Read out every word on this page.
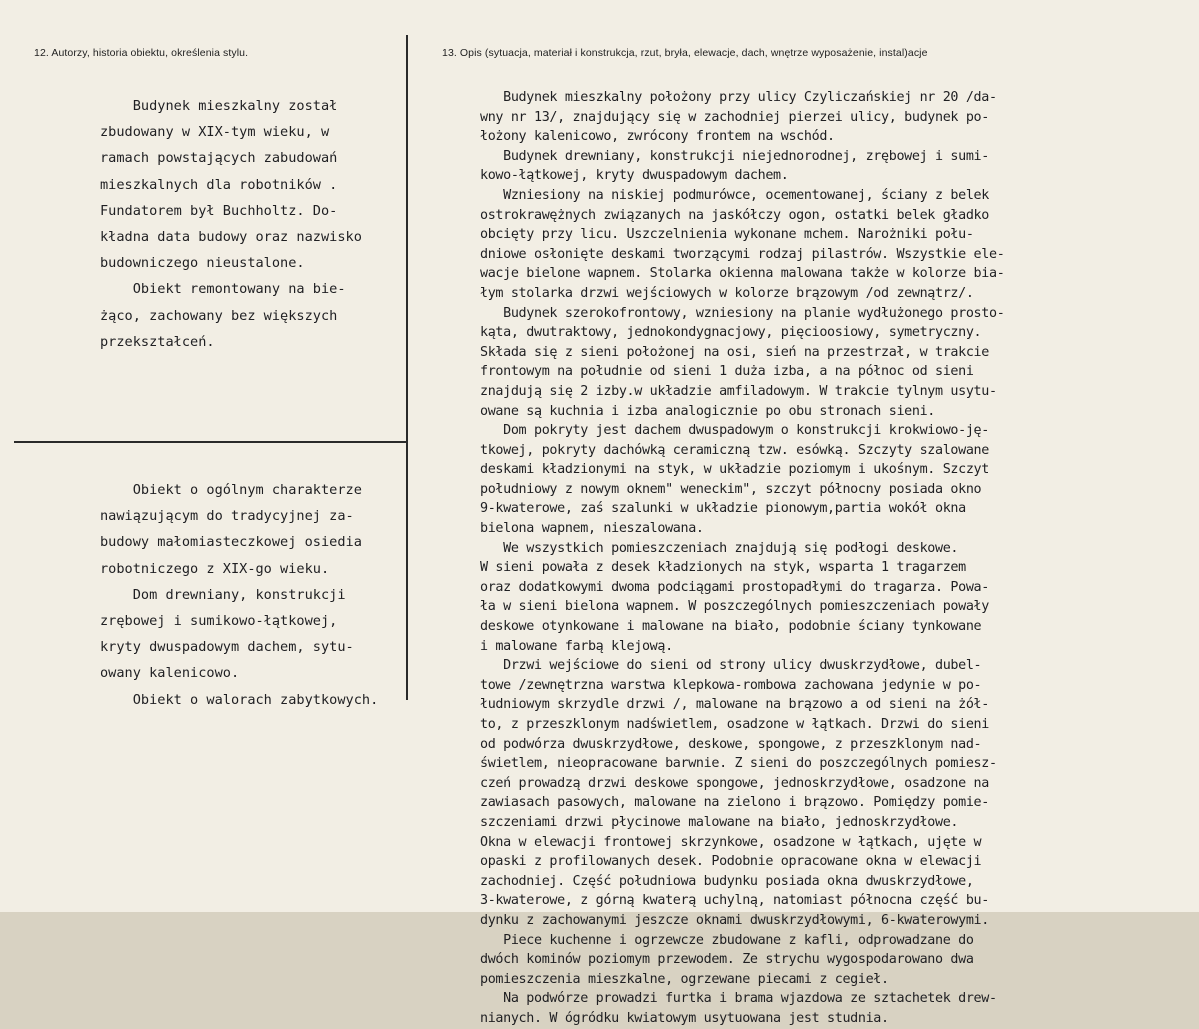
12. Autorzy, historia obiektu, określenia stylu.	13. Opis (sytuacja, materiał i konstrukcja, rzut, bryła, elewacje, dach, wnętrze wyposażenie, instal)acje
Budynek mieszkalny został
zbudowany w XIX-tym wieku, w
ramach powstających zabudowań
mieszkalnych dla robotników .
Fundatorem był Buchholtz. Do-
kładna data budowy oraz nazwisko
budowniczego nieustalone.
Obiekt remontowany na bie-
żąco, zachowany bez większych
przekształceń.
Obiekt o ogólnym charakterze
nawiązującym do tradycyjnej za-
budowy małomiasteczkowej osiedia
robotniczego z XIX-go wieku.
Dom drewniany, konstrukcji
zrębowej i sumikowo-łątkowej,
kryty dwuspadowym dachem, sytu-
owany kalenicowo.
Obiekt o walorach zabytkowych.
Budynek mieszkalny położony przy ulicy Czyliczańskiej nr 20 /da-
wny nr 13/, znajdujący się w zachodniej pierzei ulicy, budynek po-
łożony kalenicowo, zwrócony frontem na wschód.
Budynek drewniany, konstrukcji niejednorodnej, zrębowej i sumi-
kowo-łątkowej, kryty dwuspadowym dachem.
Wzniesiony na niskiej podmurówce, ocementowanej, ściany z belek
ostrokrawężnych związanych na jaskółczy ogon, ostatki belek gładko
obcięty przy licu. Uszczelnienia wykonane mchem. Narożniki połu-
dniowe osłonięte deskami tworzącymi rodzaj pilastrów. Wszystkie ele-
wacje bielone wapnem. Stolarka okienna malowana także w kolorze bia-
łym stolarka drzwi wejściowych w kolorze brązowym /od zewnątrz/.
Budynek szerokofrontowy, wzniesiony na planie wydłużonego prosto-
kąta, dwutraktowy, jednokondygnacjowy, pięcioosiowy, symetryczny.
Składa się z sieni położonej na osi, sień na przestrzał, w trakcie
frontowym na południe od sieni 1 duża izba, a na północ od sieni
znajdują się 2 izby.w układzie amfiladowym. W trakcie tylnym usytu-
owane są kuchnia i izba analogicznie po obu stronach sieni.
Dom pokryty jest dachem dwuspadowym o konstrukcji krokwiowo-ję-
tkowej, pokryty dachówką ceramiczną tzw. esówką. Szczyty szalowane
deskami kładzionymi na styk, w układzie poziomym i ukośnym. Szczyt
południowy z nowym oknem" weneckim", szczyt północny posiada okno
9-kwaterowe, zaś szalunki w układzie pionowym,partia wokół okna
bielona wapnem, nieszalowana.
We wszystkich pomieszczeniach znajdują się podłogi deskowe.
W sieni powała z desek kładzionych na styk, wsparta 1 tragarzem
oraz dodatkowymi dwoma podciągami prostopadłymi do tragarza. Powa-
ła w sieni bielona wapnem. W poszczególnych pomieszczeniach powały
deskowe otynkowane i malowane na biało, podobnie ściany tynkowane
i malowane farbą klejową.
Drzwi wejściowe do sieni od strony ulicy dwuskrzydłowe, dubel-
towe /zewnętrzna warstwa klepkowa-rombowa zachowana jedynie w po-
łudniowym skrzydle drzwi /, malowane na brązowo a od sieni na żół-
to, z przeszklonym nadświetlem, osadzone w łątkach. Drzwi do sieni
od podwórza dwuskrzydłowe, deskowe, spongowe, z przeszklonym nad-
świetlem, nieopracowane barwnie. Z sieni do poszczególnych pomiesz-
czeń prowadzą drzwi deskowe spongowe, jednoskrzydłowe, osadzone na
zawiasach pasowych, malowane na zielono i brązowo. Pomiędzy pomie-
szczeniami drzwi płycinowe malowane na biało, jednoskrzydłowe.
Okna w elewacji frontowej skrzynkowe, osadzone w łątkach, ujęte w
opaski z profilowanych desek. Podobnie opracowane okna w elewacji
zachodniej. Część południowa budynku posiada okna dwuskrzydłowe,
3-kwaterowe, z górną kwaterą uchylną, natomiast północna część bu-
dynku z zachowanymi jeszcze oknami dwuskrzydłowymi, 6-kwaterowymi.
Piece kuchenne i ogrzewcze zbudowane z kafli, odprowadzane do
dwóch kominów poziomym przewodem. Ze strychu wygospodarowano dwa
pomieszczenia mieszkalne, ogrzewane piecami z cegieł.
Na podwórze prowadzi furtka i brama wjazdowa ze sztachetek drew-
nianych. W ógródku kwiatowym usytuowana jest studnia.
